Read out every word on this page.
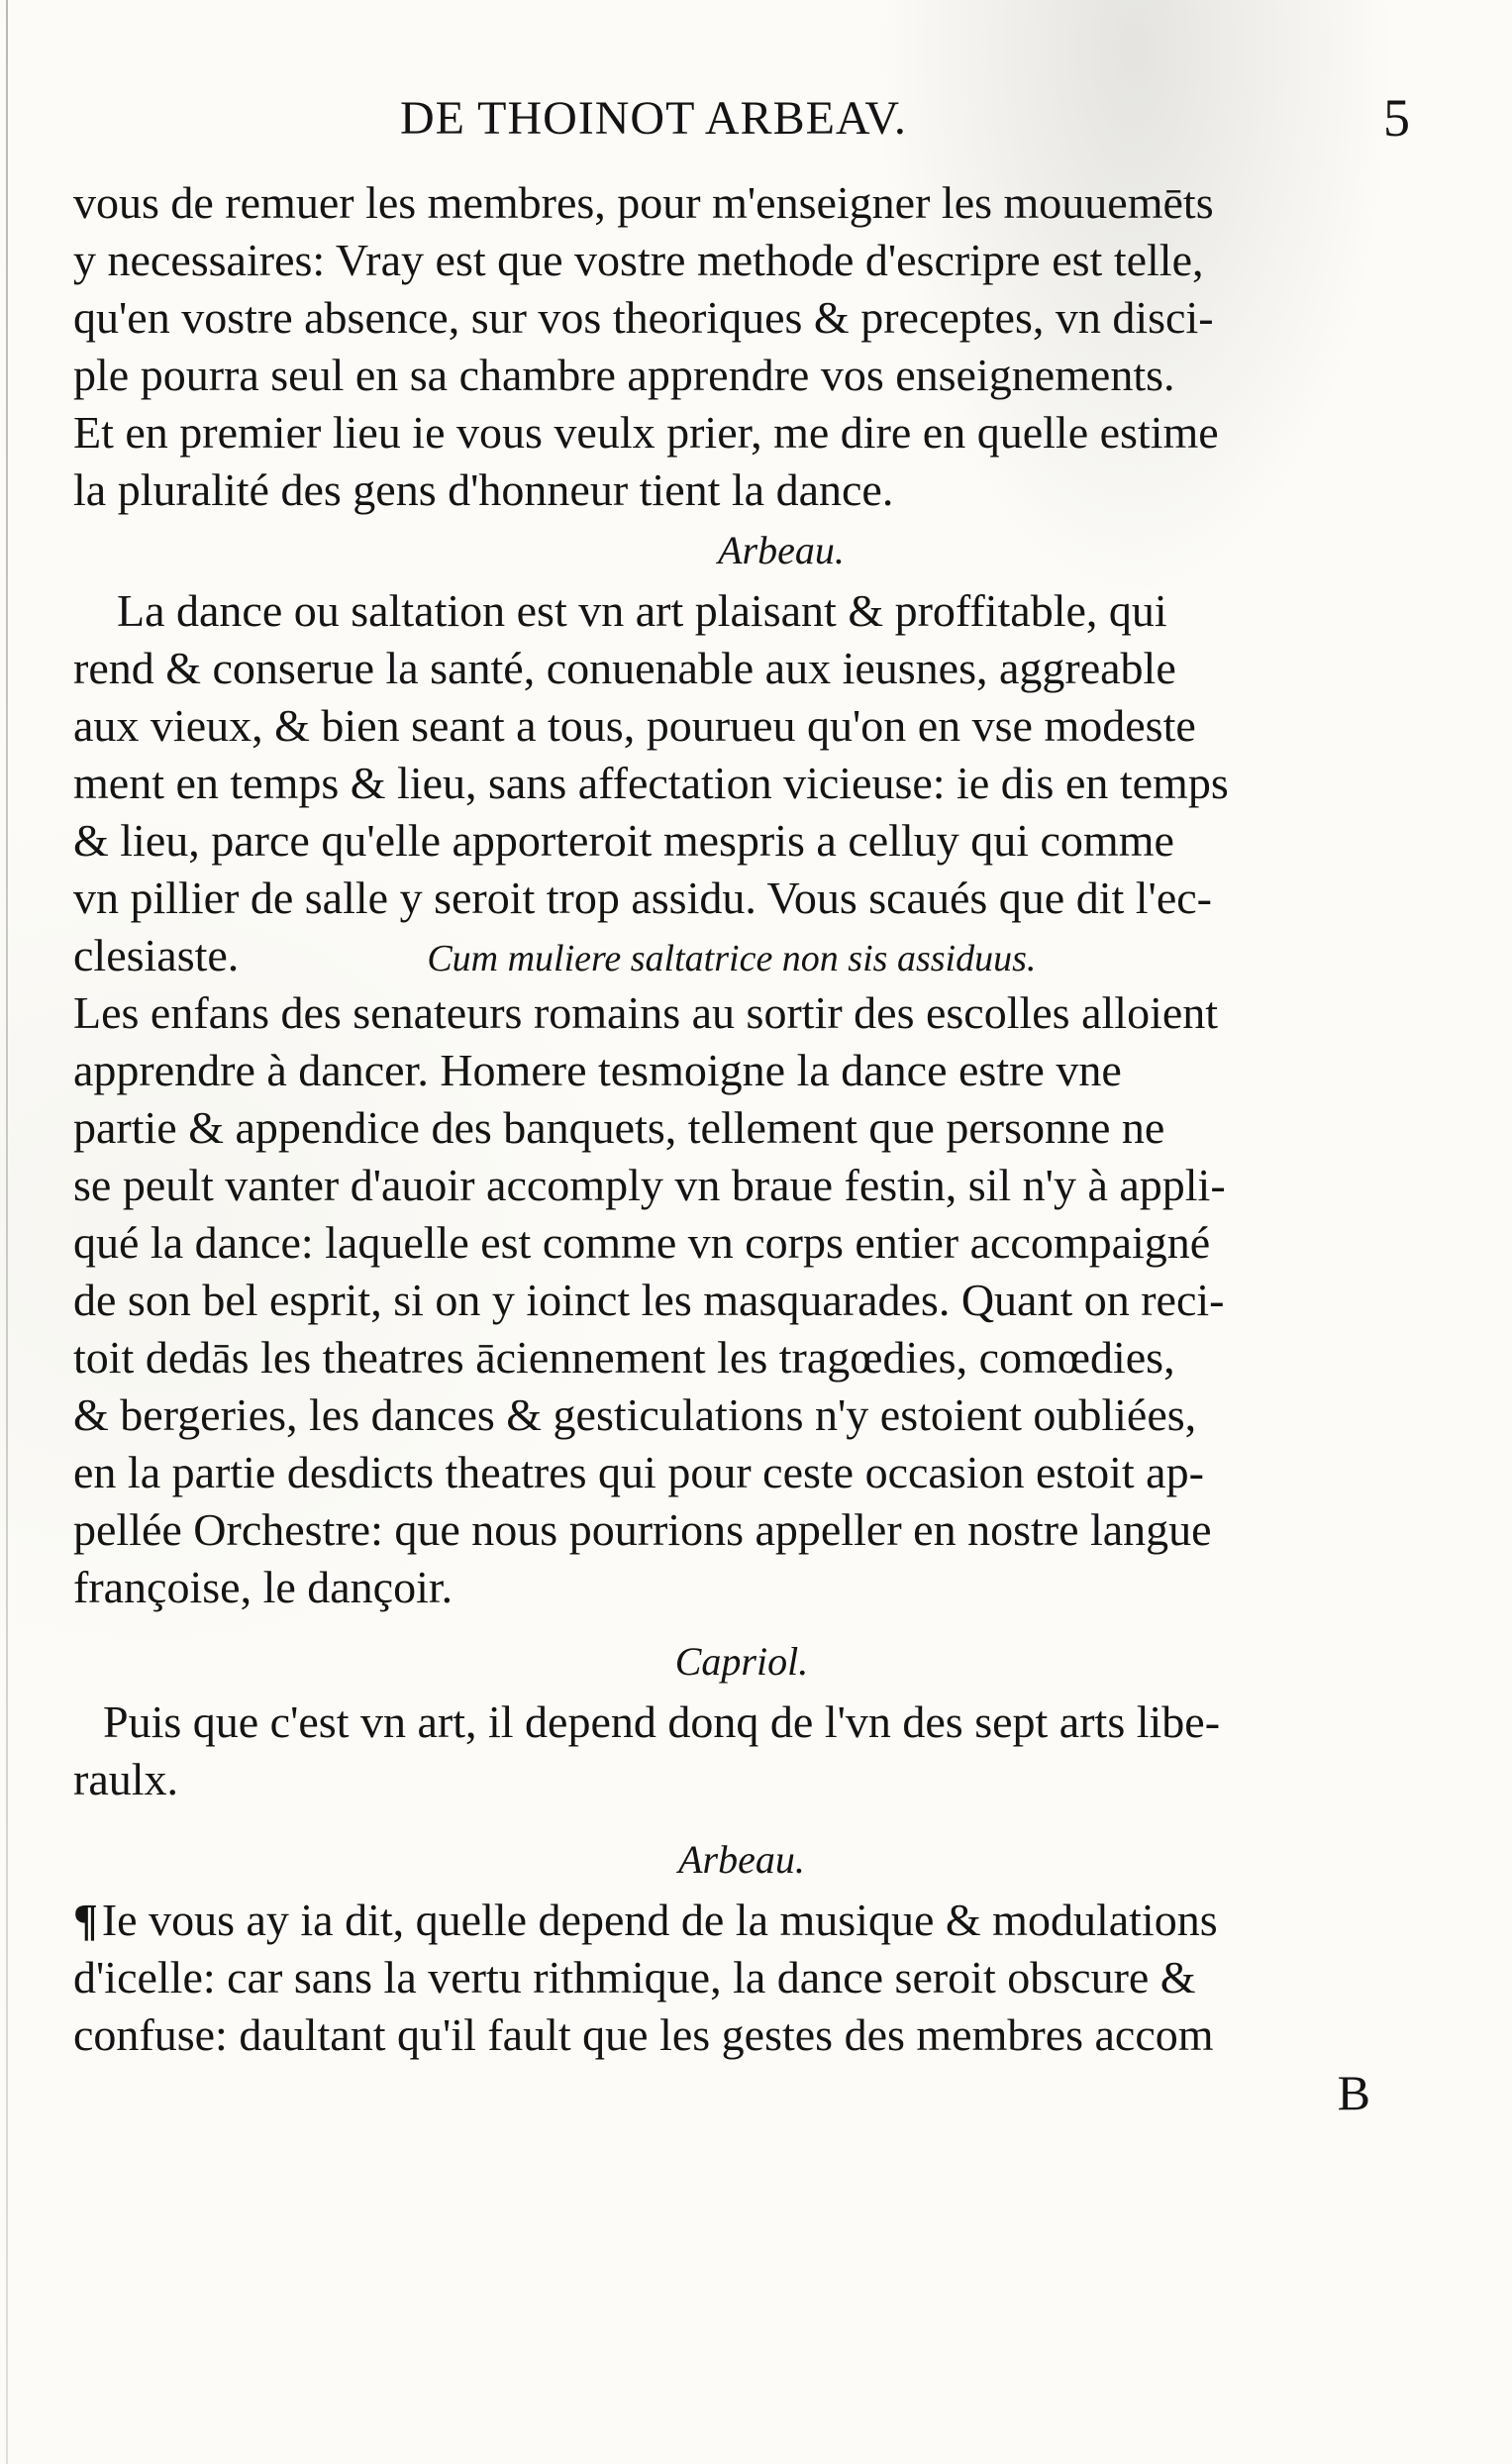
DE THOINOT ARBEAV.	5
vous de remuer les membres, pour m'enseigner les mouuemēts
y necessaires: Vray est que vostre methode d'escripre est telle,
qu'en vostre absence, sur vos theoriques & preceptes, vn disci-
ple pourra seul en sa chambre apprendre vos enseignements.
Et en premier lieu ie vous veulx prier, me dire en quelle estime
la pluralité des gens d'honneur tient la dance.
Arbeau.
La dance ou saltation est vn art plaisant & proffitable, qui
rend & conserue la santé, conuenable aux ieusnes, aggreable
aux vieux, & bien seant a tous, pourueu qu'on en vse modeste
ment en temps & lieu, sans affectation vicieuse: ie dis en temps
& lieu, parce qu'elle apporteroit mespris a celluy qui comme
vn pillier de salle y seroit trop assidu. Vous scaués que dit l'ec-
clesiaste.	Cum muliere saltatrice non sis assiduus.
Les enfans des senateurs romains au sortir des escolles alloient
apprendre à dancer. Homere tesmoigne la dance estre vne
partie & appendice des banquets, tellement que personne ne
se peult vanter d'auoir accomply vn braue festin, sil n'y à appli-
qué la dance: laquelle est comme vn corps entier accompaigné
de son bel esprit, si on y ioinct les masquarades. Quant on reci-
toit dedās les theatres āciennement les tragœdies, comœdies,
& bergeries, les dances & gesticulations n'y estoient oubliées,
en la partie desdicts theatres qui pour ceste occasion estoit ap-
pellée Orchestre: que nous pourrions appeller en nostre langue
françoise, le dançoir.
Capriol.
Puis que c'est vn art, il depend donq de l'vn des sept arts libe-
raulx.
Arbeau.
¶Ie vous ay ia dit, quelle depend de la musique & modulations
d'icelle: car sans la vertu rithmique, la dance seroit obscure &
confuse: daultant qu'il fault que les gestes des membres accom
B
